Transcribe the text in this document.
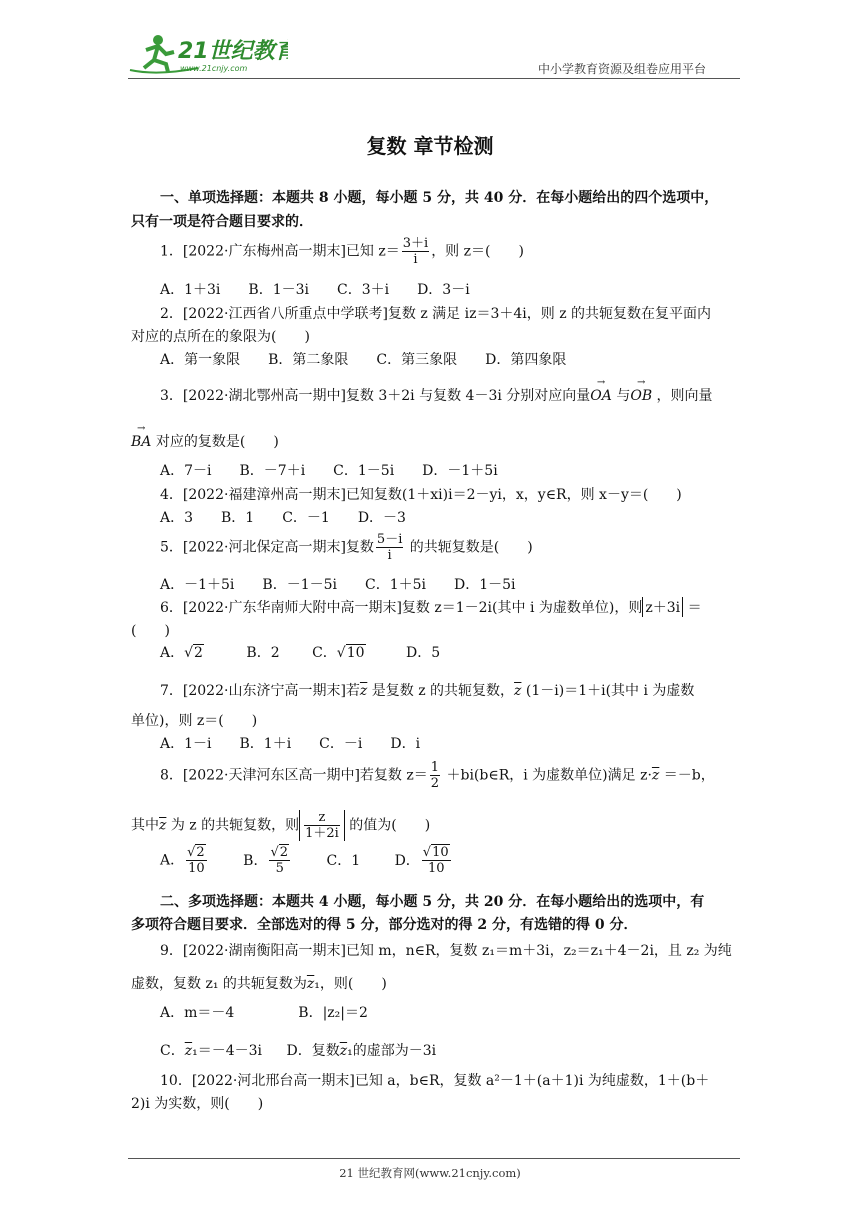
21世纪教育
www.21cnjy.com	中小学教育资源及组卷应用平台
复数 章节检测
一、单项选择题：本题共 8 小题，每小题 5 分，共 40 分．在每小题给出的四个选项中，
只有一项是符合题目要求的．
1．[2022·广东梅州高一期末]已知 $z= \frac{3+i}{i}$ ，则 z＝(　　)
A．1＋3i　　B．1－3i　　C．3＋i　　D．3－i
2．[2022·江西省八所重点中学联考]复数 z 满足 iz＝3＋4i，则 z 的共轭复数在复平面内
对应的点所在的象限为(　　)
A．第一象限　　B．第二象限　　C．第三象限　　D．第四象限
3．[2022·湖北鄂州高一期中]复数 3＋2i 与复数 4－3i 分别对应向量→ OA 与→ OB ，则向量
→ BA 对应的复数是(　　)
A．7－i　　B．－7＋i　　C．1－5i　　D．－1＋5i
4．[2022·福建漳州高一期末]已知复数(1＋xi)i＝2－yi，x，y∈R，则 x－y＝(　　)
A．3　　B．1　　C．－1　　D．－3
5．[2022·河北保定高一期末]复数 $\frac{5-i}{i}$ 的共轭复数是(　　)
A．－1＋5i　　B．－1－5i　　C．1＋5i　　D．1－5i
6．[2022·广东华南师大附中高一期末]复数 z＝1－2i(其中 i 为虚数单位)，则 z＋3i ＝
(　　)
A．√2	B．2 C．√10	D．5
7．[2022·山东济宁高一期末]若$\overline{z}$ 是复数 z 的共轭复数，$\overline{z}$ (1－i)＝1＋i(其中 i 为虚数
单位)，则 z＝(　　)
A．1－i　　B．1＋i　　C．－i　　D．i
8．[2022·天津河东区高一期中]若复数 $z= \frac{1}{2}$ ＋bi(b∈R，i 为虚数单位)满足 $z\cdot\overline{z} =-b$，
其中$\overline{z}$ 为 z 的共轭复数，则 $\frac{z}{1+2i}$ 的值为(　　)
A． $\frac{√2}{10}$	B． $\frac{√2}{5}$	C．1 D． $\frac{√10}{10}$
二、多项选择题：本题共 4 小题，每小题 5 分，共 20 分．在每小题给出的选项中，有
多项符合题目要求．全部选对的得 5 分，部分选对的得 2 分，有选错的得 0 分．
9．[2022·湖南衡阳高一期末]已知 m，n∈R，复数 z₁＝m＋3i，z₂＝z₁＋4－2i，且 z₂ 为纯
虚数，复数 z₁ 的共轭复数为$\overline{z}_1$，则(　　)
A．m＝－4	B．|z₂|＝2
C．$\overline{z}_1=-4-3i$ D．复数$\overline{z}_1$的虚部为－3i
10．[2022·河北邢台高一期末]已知 a，b∈R，复数 a²－1＋(a＋1)i 为纯虚数，1＋(b＋
2)i 为实数，则(　　)
21 世纪教育网(www.21cnjy.com)
